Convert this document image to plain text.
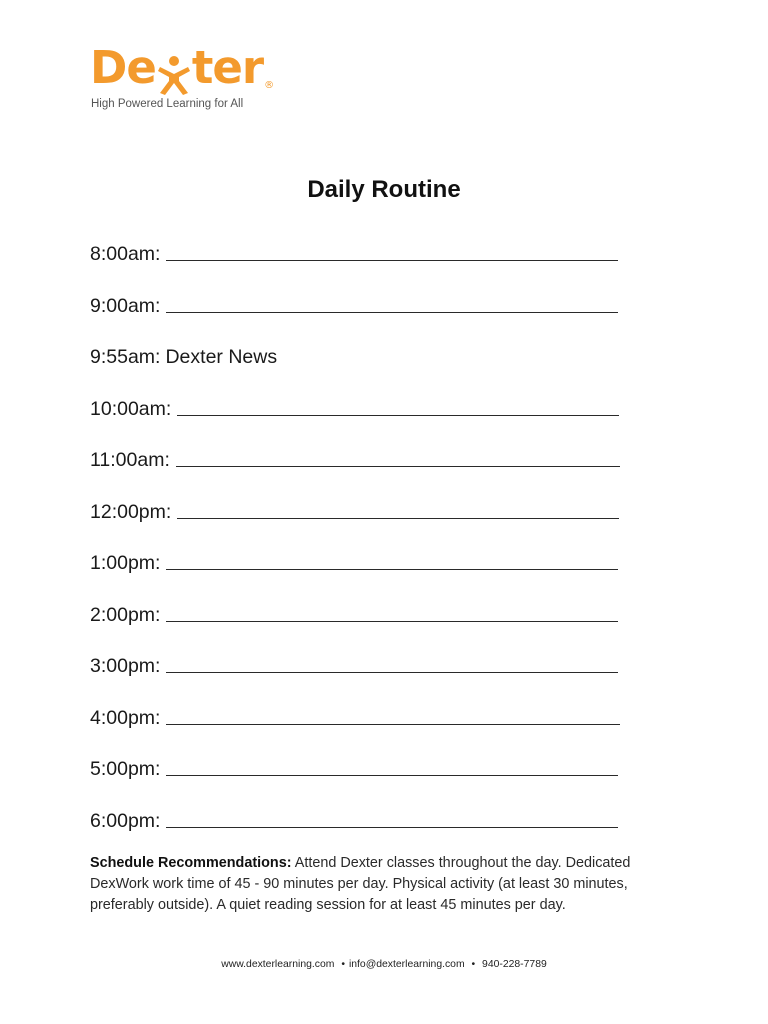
De ter ®
High Powered Learning for All
Daily Routine
8:00am:
9:00am:
9:55am: Dexter News
10:00am:
11:00am:
12:00pm:
1:00pm:
2:00pm:
3:00pm:
4:00pm:
5:00pm:
6:00pm:
Schedule Recommendations: Attend Dexter classes throughout the day. Dedicated DexWork work time of 45 - 90 minutes per day. Physical activity (at least 30 minutes, preferably outside). A quiet reading session for at least 45 minutes per day.
www.dexterlearning.com • info@dexterlearning.com • 940-228-7789
